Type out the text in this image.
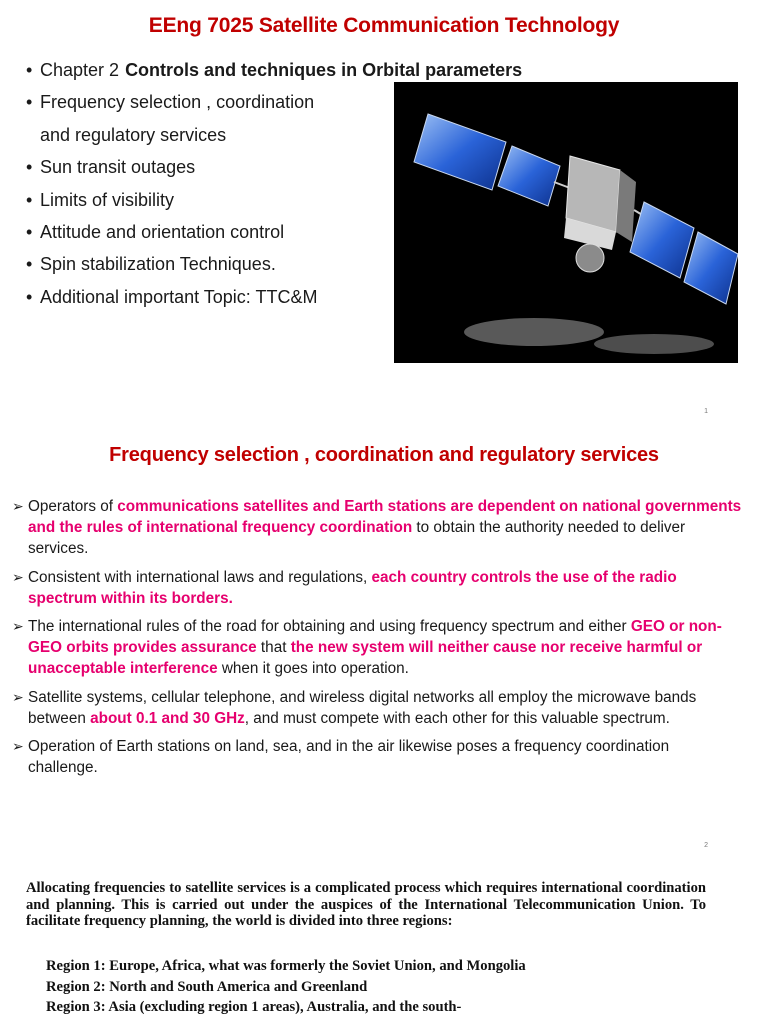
EEng 7025 Satellite Communication Technology
• Chapter 2 Controls and techniques in Orbital parameters
• Frequency selection , coordination
and regulatory services
• Sun transit outages
• Limits of visibility
• Attitude and orientation control
• Spin stabilization Techniques.
• Additional important Topic: TTC&M
1
Frequency selection , coordination and regulatory services
➢ Operators of communications satellites and Earth stations are dependent on national governments and the rules of international frequency coordination to obtain the authority needed to deliver services.
➢ Consistent with international laws and regulations, each country controls the use of the radio spectrum within its borders.
➢ The international rules of the road for obtaining and using frequency spectrum and either GEO or non-GEO orbits provides assurance that the new system will neither cause nor receive harmful or unacceptable interference when it goes into operation.
➢ Satellite systems, cellular telephone, and wireless digital networks all employ the microwave bands between about 0.1 and 30 GHz, and must compete with each other for this valuable spectrum.
➢ Operation of Earth stations on land, sea, and in the air likewise poses a frequency coordination challenge.
2

Allocating frequencies to satellite services is a complicated process which requires international coordination and planning. This is carried out under the auspices of the International Telecommunication Union. To facilitate frequency planning, the world is divided into three regions:

Region 1: Europe, Africa, what was formerly the Soviet Union, and Mongolia
Region 2: North and South America and Greenland
Region 3: Asia (excluding region 1 areas), Australia, and the south-
